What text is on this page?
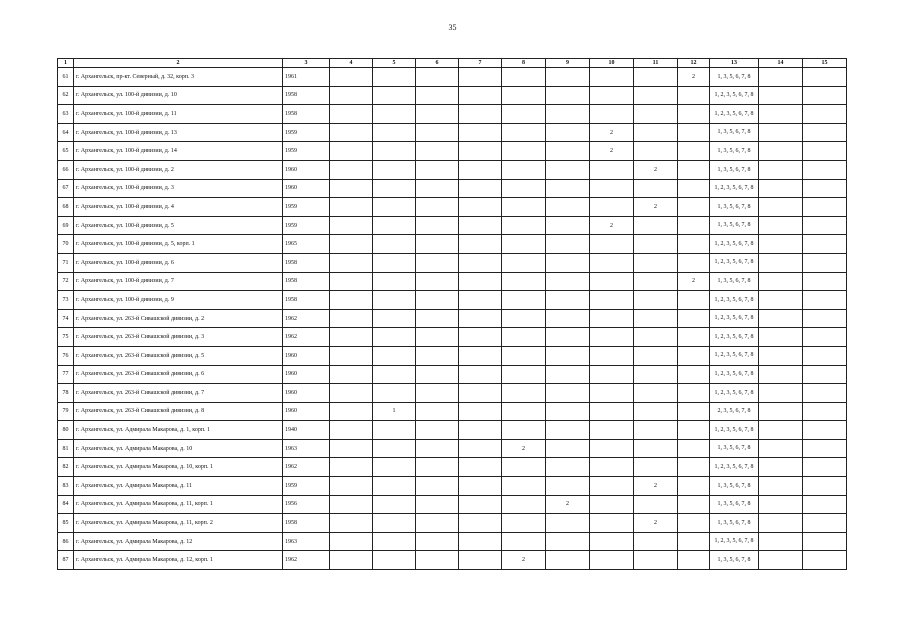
35
1	2	3	4	5	6	7	8	9	10	11	12	13	14	15
61	г. Архангельск, пр-кт. Северный, д. 32, корп. 3	1961									2	1, 3, 5, 6, 7, 8		
62	г. Архангельск, ул. 100-й дивизии, д. 10	1958										1, 2, 3, 5, 6, 7, 8		
63	г. Архангельск, ул. 100-й дивизии, д. 11	1958										1, 2, 3, 5, 6, 7, 8		
64	г. Архангельск, ул. 100-й дивизии, д. 13	1959							2			1, 3, 5, 6, 7, 8		
65	г. Архангельск, ул. 100-й дивизии, д. 14	1959							2			1, 3, 5, 6, 7, 8		
66	г. Архангельск, ул. 100-й дивизии, д. 2	1960								2		1, 3, 5, 6, 7, 8		
67	г. Архангельск, ул. 100-й дивизии, д. 3	1960										1, 2, 3, 5, 6, 7, 8		
68	г. Архангельск, ул. 100-й дивизии, д. 4	1959								2		1, 3, 5, 6, 7, 8		
69	г. Архангельск, ул. 100-й дивизии, д. 5	1959							2			1, 3, 5, 6, 7, 8		
70	г. Архангельск, ул. 100-й дивизии, д. 5, корп. 1	1965										1, 2, 3, 5, 6, 7, 8		
71	г. Архангельск, ул. 100-й дивизии, д. 6	1958										1, 2, 3, 5, 6, 7, 8		
72	г. Архангельск, ул. 100-й дивизии, д. 7	1958									2	1, 3, 5, 6, 7, 8		
73	г. Архангельск, ул. 100-й дивизии, д. 9	1958										1, 2, 3, 5, 6, 7, 8		
74	г. Архангельск, ул. 263-й Сивашской дивизии, д. 2	1962										1, 2, 3, 5, 6, 7, 8		
75	г. Архангельск, ул. 263-й Сивашской дивизии, д. 3	1962										1, 2, 3, 5, 6, 7, 8		
76	г. Архангельск, ул. 263-й Сивашской дивизии, д. 5	1960										1, 2, 3, 5, 6, 7, 8		
77	г. Архангельск, ул. 263-й Сивашской дивизии, д. 6	1960										1, 2, 3, 5, 6, 7, 8		
78	г. Архангельск, ул. 263-й Сивашской дивизии, д. 7	1960										1, 2, 3, 5, 6, 7, 8		
79	г. Архангельск, ул. 263-й Сивашской дивизии, д. 8	1960		1								2, 3, 5, 6, 7, 8		
80	г. Архангельск, ул. Адмирала Макарова, д. 1, корп. 1	1940										1, 2, 3, 5, 6, 7, 8		
81	г. Архангельск, ул. Адмирала Макарова, д. 10	1963					2					1, 3, 5, 6, 7, 8		
82	г. Архангельск, ул. Адмирала Макарова, д. 10, корп. 1	1962										1, 2, 3, 5, 6, 7, 8		
83	г. Архангельск, ул. Адмирала Макарова, д. 11	1959								2		1, 3, 5, 6, 7, 8		
84	г. Архангельск, ул. Адмирала Макарова, д. 11, корп. 1	1956						2				1, 3, 5, 6, 7, 8		
85	г. Архангельск, ул. Адмирала Макарова, д. 11, корп. 2	1958								2		1, 3, 5, 6, 7, 8		
86	г. Архангельск, ул. Адмирала Макарова, д. 12	1963										1, 2, 3, 5, 6, 7, 8		
87	г. Архангельск, ул. Адмирала Макарова, д. 12, корп. 1	1962					2					1, 3, 5, 6, 7, 8		
